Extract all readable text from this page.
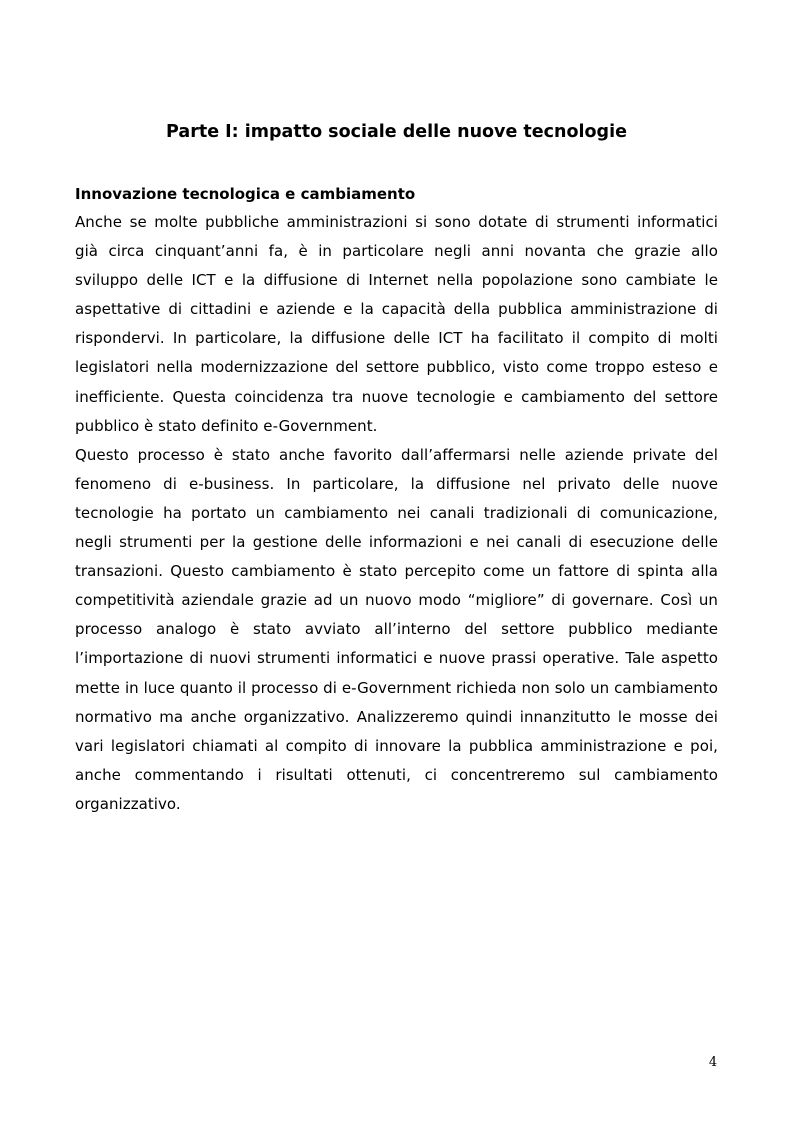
Parte I: impatto sociale delle nuove tecnologie
Innovazione tecnologica e cambiamento

Anche se molte pubbliche amministrazioni si sono dotate di strumenti informatici già circa cinquant’anni fa, è in particolare negli anni novanta che grazie allo sviluppo delle ICT e la diffusione di Internet nella popolazione sono cambiate le aspettative di cittadini e aziende e la capacità della pubblica amministrazione di rispondervi. In particolare, la diffusione delle ICT ha facilitato il compito di molti legislatori nella modernizzazione del settore pubblico, visto come troppo esteso e inefficiente. Questa coincidenza tra nuove tecnologie e cambiamento del settore pubblico è stato definito e-Government.

Questo processo è stato anche favorito dall’affermarsi nelle aziende private del fenomeno di e-business. In particolare, la diffusione nel privato delle nuove tecnologie ha portato un cambiamento nei canali tradizionali di comunicazione, negli strumenti per la gestione delle informazioni e nei canali di esecuzione delle transazioni. Questo cambiamento è stato percepito come un fattore di spinta alla competitività aziendale grazie ad un nuovo modo “migliore” di governare. Così un processo analogo è stato avviato all’interno del settore pubblico mediante l’importazione di nuovi strumenti informatici e nuove prassi operative. Tale aspetto mette in luce quanto il processo di e-Government richieda non solo un cambiamento normativo ma anche organizzativo. Analizzeremo quindi innanzitutto le mosse dei vari legislatori chiamati al compito di innovare la pubblica amministrazione e poi, anche commentando i risultati ottenuti, ci concentreremo sul cambiamento organizzativo.

4
